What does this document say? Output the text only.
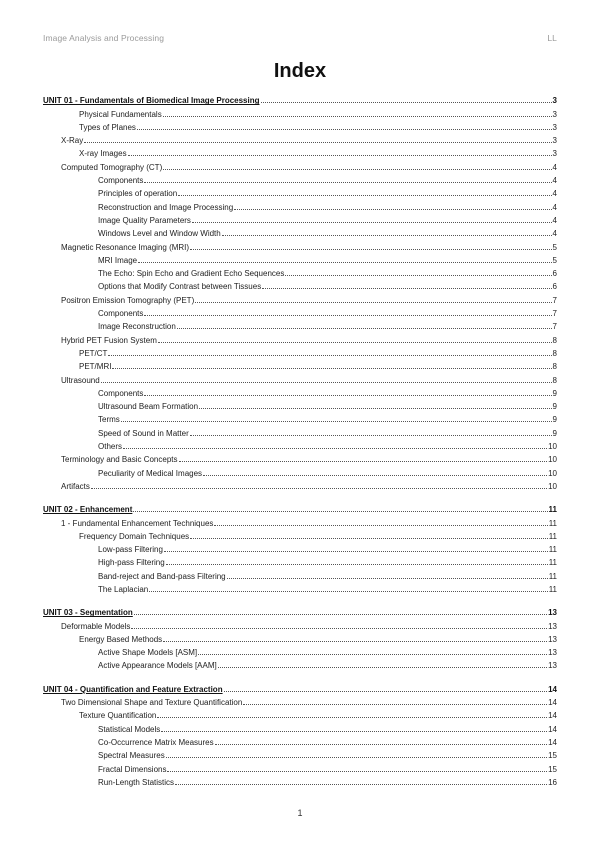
Image Analysis and Processing	LL
Index
UNIT 01 - Fundamentals of Biomedical Image Processing	3
Physical Fundamentals	3
Types of Planes	3
X-Ray	3
X-ray Images	3
Computed Tomography (CT)	4
Components	4
Principles of operation	4
Reconstruction and Image Processing	4
Image Quality Parameters	4
Windows Level and Window Width	4
Magnetic Resonance Imaging (MRI)	5
MRI Image	5
The Echo: Spin Echo and Gradient Echo Sequences	6
Options that Modify Contrast between Tissues	6
Positron Emission Tomography (PET)	7
Components	7
Image Reconstruction	7
Hybrid PET Fusion System	8
PET/CT	8
PET/MRI	8
Ultrasound	8
Components	9
Ultrasound Beam Formation	9
Terms	9
Speed of Sound in Matter	9
Others	10
Terminology and Basic Concepts	10
Peculiarity of Medical Images	10
Artifacts	10
UNIT 02 - Enhancement	11
1 - Fundamental Enhancement Techniques	11
Frequency Domain Techniques	11
Low-pass Filtering	11
High-pass Filtering	11
Band-reject and Band-pass Filtering	11
The Laplacian	11
UNIT 03 - Segmentation	13
Deformable Models	13
Energy Based Methods	13
Active Shape Models [ASM]	13
Active Appearance Models [AAM]	13
UNIT 04 - Quantification and Feature Extraction	14
Two Dimensional Shape and Texture Quantification	14
Texture Quantification	14
Statistical Models	14
Co-Occurrence Matrix Measures	14
Spectral Measures	15
Fractal Dimensions	15
Run-Length Statistics	16
1
